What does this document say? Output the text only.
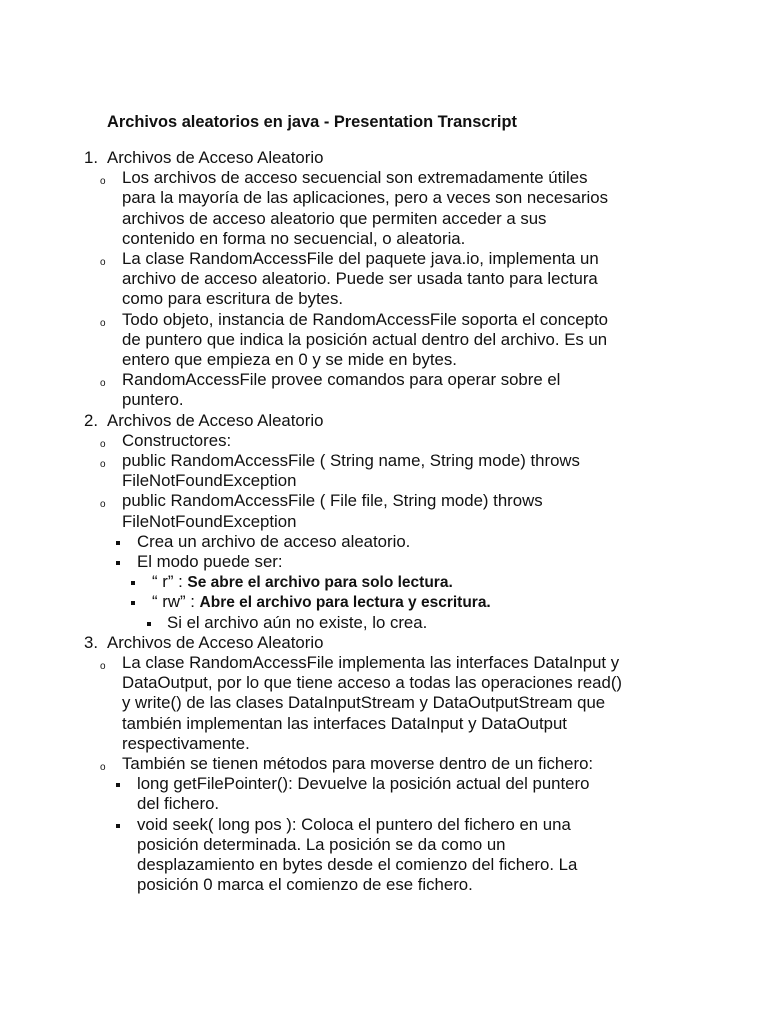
Archivos aleatorios en java - Presentation Transcript
1. Archivos de Acceso Aleatorio
o Los archivos de acceso secuencial son extremadamente útiles
para la mayoría de las aplicaciones, pero a veces son necesarios
archivos de acceso aleatorio que permiten acceder a sus
contenido en forma no secuencial, o aleatoria.
o La clase RandomAccessFile del paquete java.io, implementa un
archivo de acceso aleatorio. Puede ser usada tanto para lectura
como para escritura de bytes.
o Todo objeto, instancia de RandomAccessFile soporta el concepto
de puntero que indica la posición actual dentro del archivo. Es un
entero que empieza en 0 y se mide en bytes.
o RandomAccessFile provee comandos para operar sobre el
puntero.
2. Archivos de Acceso Aleatorio
o Constructores:
o public RandomAccessFile ( String name, String mode) throws
FileNotFoundException
o public RandomAccessFile ( File file, String mode) throws
FileNotFoundException
Crea un archivo de acceso aleatorio.
El modo puede ser:
“ r” : Se abre el archivo para solo lectura.
“ rw” : Abre el archivo para lectura y escritura.
Si el archivo aún no existe, lo crea.
3. Archivos de Acceso Aleatorio
o La clase RandomAccessFile implementa las interfaces DataInput y
DataOutput, por lo que tiene acceso a todas las operaciones read()
y write() de las clases DataInputStream y DataOutputStream que
también implementan las interfaces DataInput y DataOutput
respectivamente.
o También se tienen métodos para moverse dentro de un fichero:
long getFilePointer(): Devuelve la posición actual del puntero
del fichero.
void seek( long pos ): Coloca el puntero del fichero en una
posición determinada. La posición se da como un
desplazamiento en bytes desde el comienzo del fichero. La
posición 0 marca el comienzo de ese fichero.
